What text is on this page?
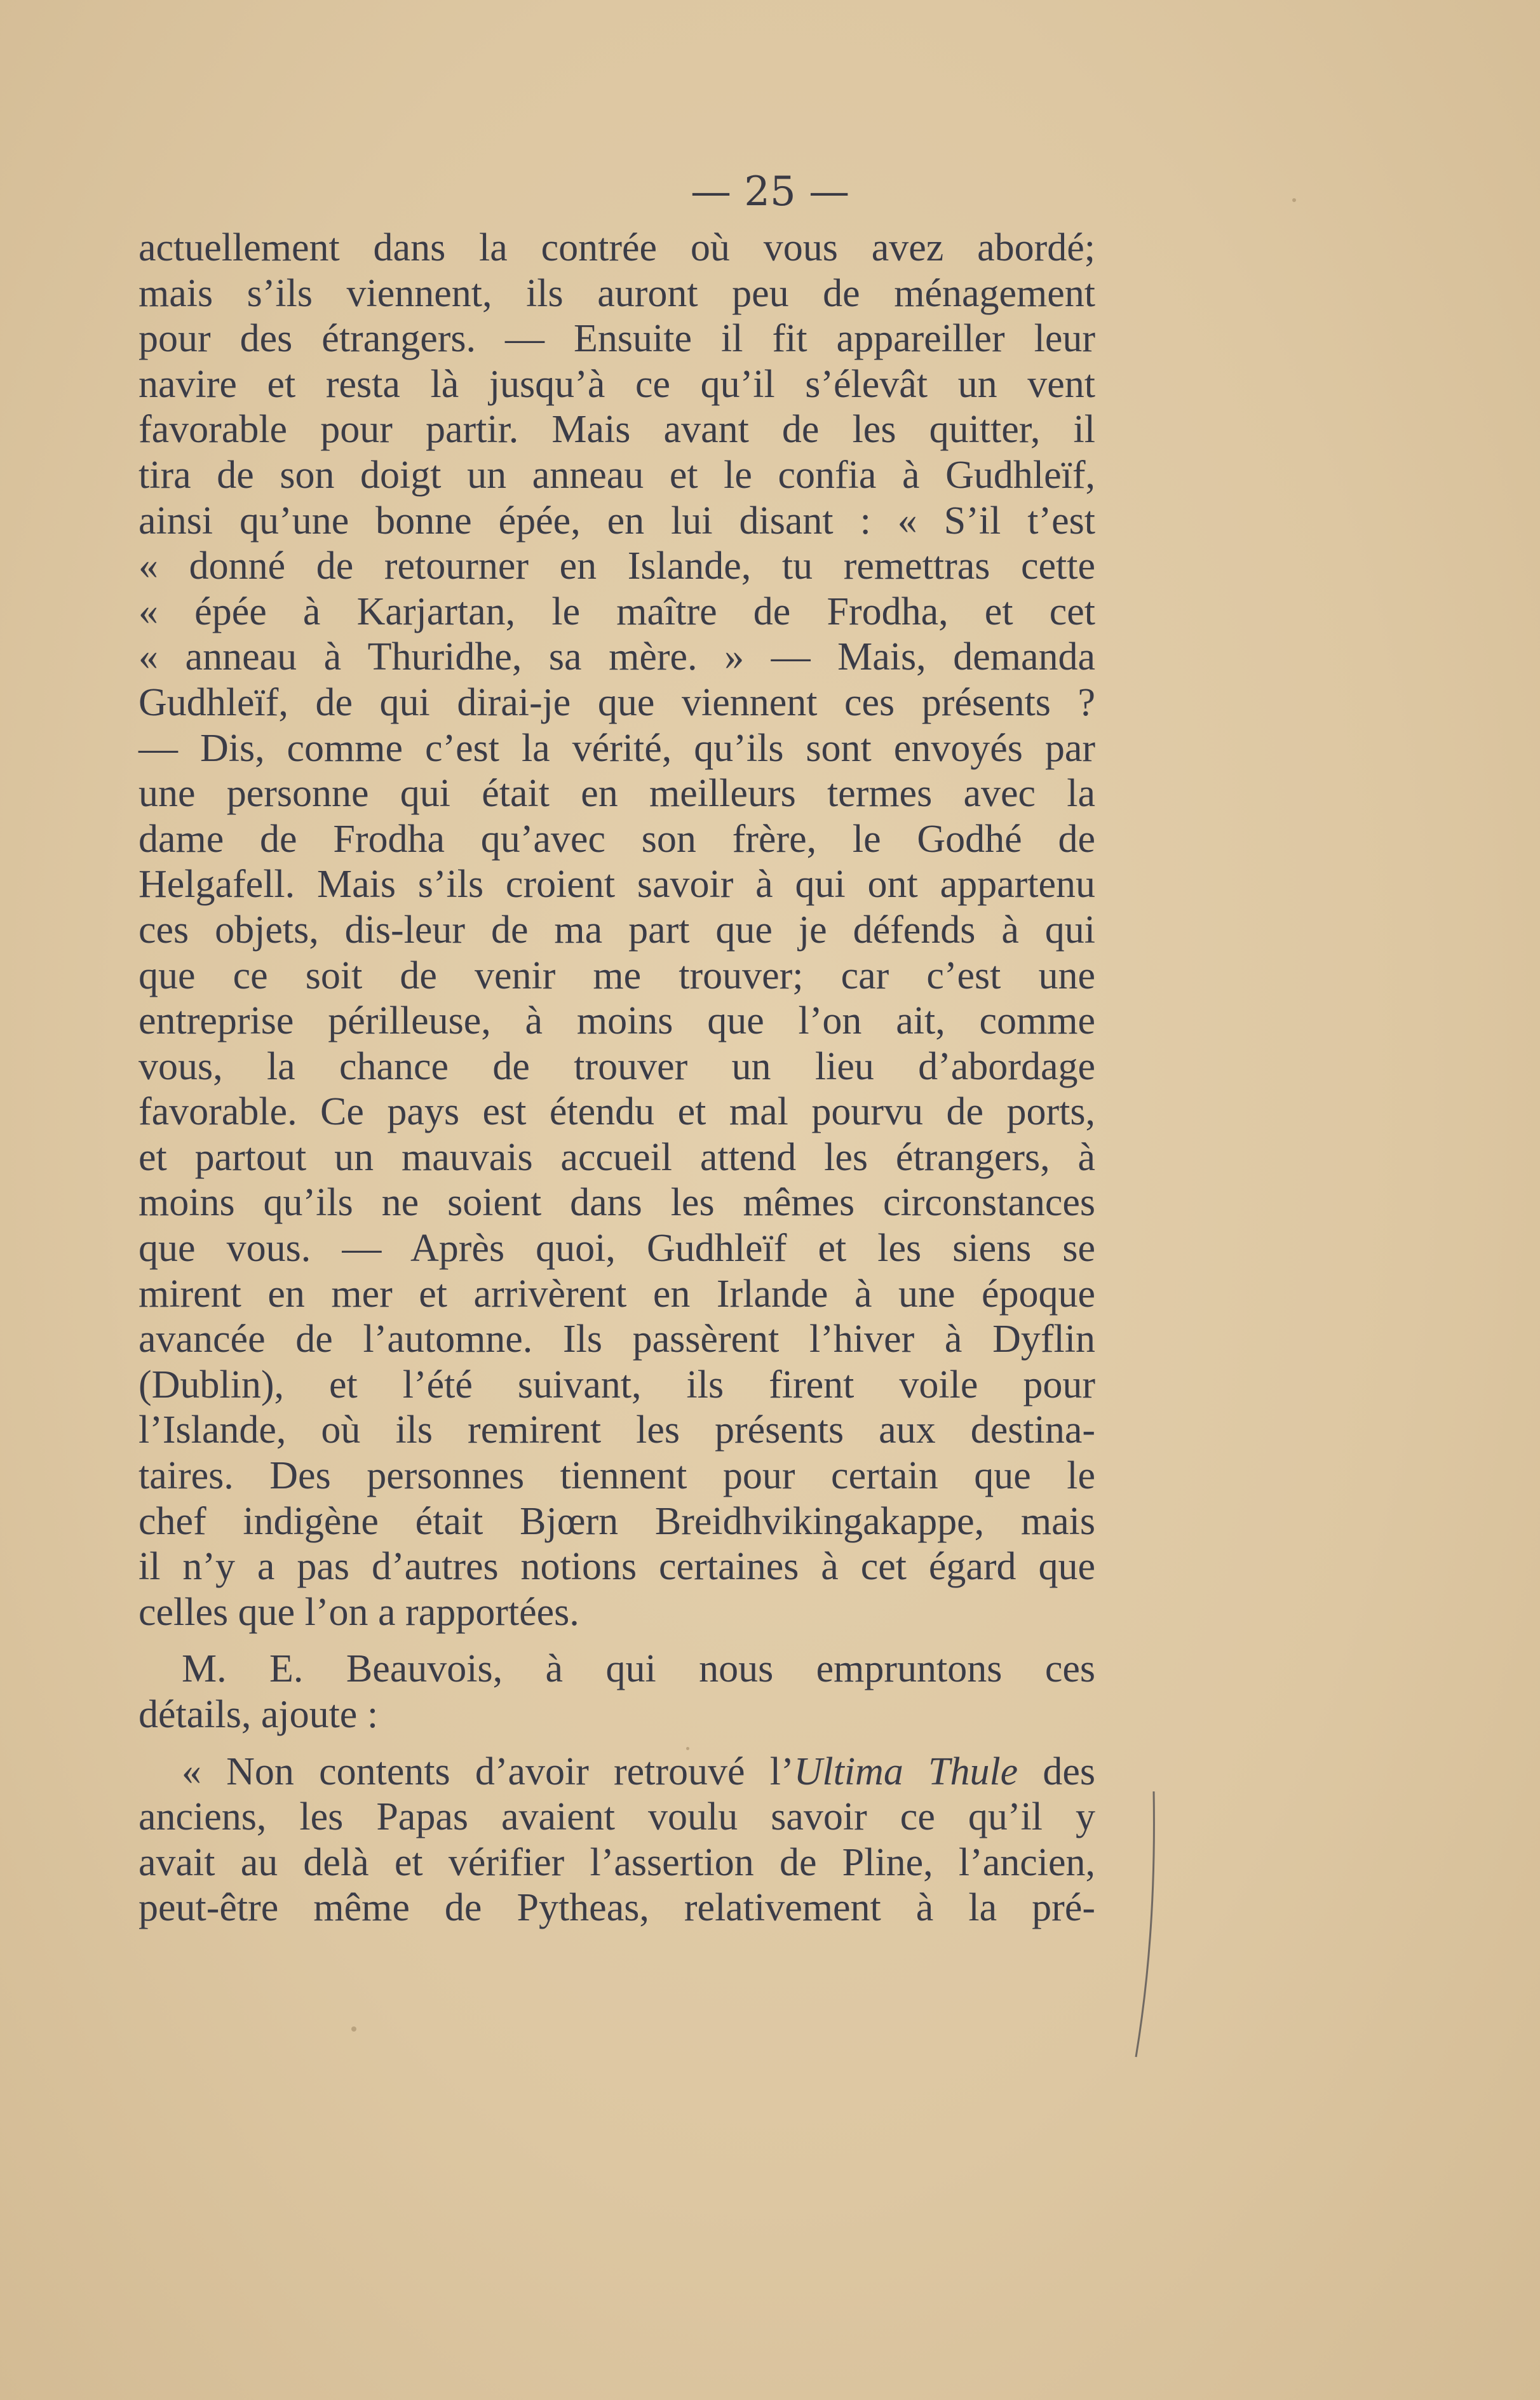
— 25 —
actuellement dans la contrée où vous avez abordé;
mais s’ils viennent, ils auront peu de ménagement
pour des étrangers. — Ensuite il fit appareiller leur
navire et resta là jusqu’à ce qu’il s’élevât un vent
favorable pour partir. Mais avant de les quitter, il
tira de son doigt un anneau et le confia à Gudhleïf,
ainsi qu’une bonne épée, en lui disant : « S’il t’est
« donné de retourner en Islande, tu remettras cette
« épée à Karjartan, le maître de Frodha, et cet
« anneau à Thuridhe, sa mère. » — Mais, demanda
Gudhleïf, de qui dirai-je que viennent ces présents ?
— Dis, comme c’est la vérité, qu’ils sont envoyés par
une personne qui était en meilleurs termes avec la
dame de Frodha qu’avec son frère, le Godhé de
Helgafell. Mais s’ils croient savoir à qui ont appartenu
ces objets, dis-leur de ma part que je défends à qui
que ce soit de venir me trouver; car c’est une
entreprise périlleuse, à moins que l’on ait, comme
vous, la chance de trouver un lieu d’abordage
favorable. Ce pays est étendu et mal pourvu de ports,
et partout un mauvais accueil attend les étrangers, à
moins qu’ils ne soient dans les mêmes circonstances
que vous. — Après quoi, Gudhleïf et les siens se
mirent en mer et arrivèrent en Irlande à une époque
avancée de l’automne. Ils passèrent l’hiver à Dyflin
(Dublin), et l’été suivant, ils firent voile pour
l’Islande, où ils remirent les présents aux destina-
taires. Des personnes tiennent pour certain que le
chef indigène était Bjœrn Breidhvikingakappe, mais
il n’y a pas d’autres notions certaines à cet égard que
celles que l’on a rapportées.
M. E. Beauvois, à qui nous empruntons ces
détails, ajoute :
« Non contents d’avoir retrouvé l’Ultima Thule des
anciens, les Papas avaient voulu savoir ce qu’il y
avait au delà et vérifier l’assertion de Pline, l’ancien,
peut-être même de Pytheas, relativement à la pré-
